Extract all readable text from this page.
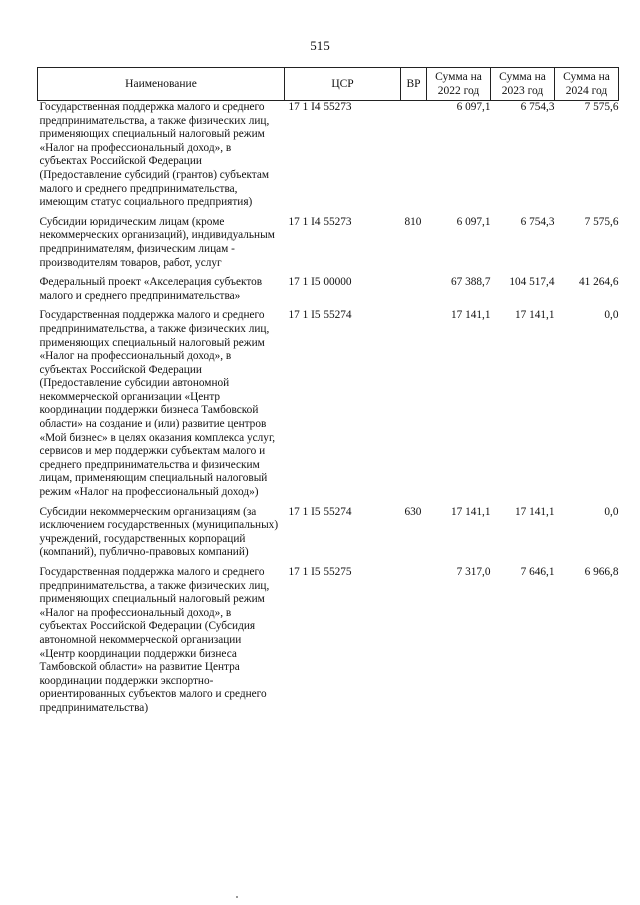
515
Наименование	ЦСР	ВР	Сумма на 2022 год	Сумма на 2023 год	Сумма на 2024 год
Государственная поддержка малого и среднего предпринимательства, а также физических лиц, применяющих специальный налоговый режим «Налог на профессиональный доход», в субъектах Российской Федерации (Предоставление субсидий (грантов) субъектам малого и среднего предпринимательства, имеющим статус социального предприятия)	17 1 I4 55273		6 097,1	6 754,3	7 575,6
Субсидии юридическим лицам (кроме некоммерческих организаций), индивидуальным предпринимателям, физическим лицам - производителям товаров, работ, услуг	17 1 I4 55273	810	6 097,1	6 754,3	7 575,6
Федеральный проект «Акселерация субъектов малого и среднего предпринимательства»	17 1 I5 00000		67 388,7	104 517,4	41 264,6
Государственная поддержка малого и среднего предпринимательства, а также физических лиц, применяющих специальный налоговый режим «Налог на профессиональный доход», в субъектах Российской Федерации (Предоставление субсидии автономной некоммерческой организации «Центр координации поддержки бизнеса Тамбовской области» на создание и (или) развитие центров «Мой бизнес» в целях оказания комплекса услуг, сервисов и мер поддержки субъектам малого и среднего предпринимательства и физическим лицам, применяющим специальный налоговый режим «Налог на профессиональный доход»)	17 1 I5 55274		17 141,1	17 141,1	0,0
Субсидии некоммерческим организациям (за исключением государственных (муниципальных) учреждений, государственных корпораций (компаний), публично-правовых компаний)	17 1 I5 55274	630	17 141,1	17 141,1	0,0
Государственная поддержка малого и среднего предпринимательства, а также физических лиц, применяющих специальный налоговый режим «Налог на профессиональный доход», в субъектах Российской Федерации (Субсидия автономной некоммерческой организации «Центр координации поддержки бизнеса Тамбовской области» на развитие Центра координации поддержки экспортно-ориентированных субъектов малого и среднего предпринимательства)	17 1 I5 55275		7 317,0	7 646,1	6 966,8
